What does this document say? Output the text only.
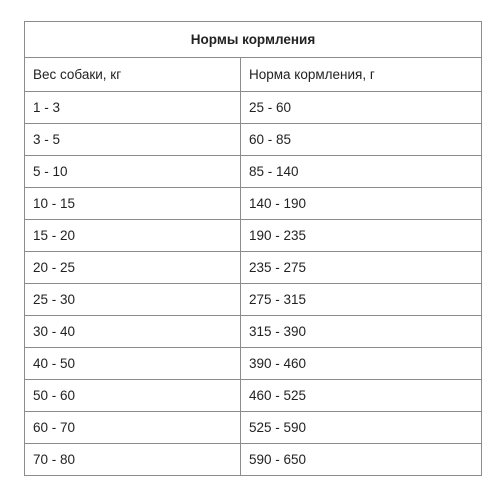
Нормы кормления	
Вес собаки, кг	Норма кормления, г
1 - 3	25 - 60
3 - 5	60 - 85
5 - 10	85 - 140
10 - 15	140 - 190
15 - 20	190 - 235
20 - 25	235 - 275
25 - 30	275 - 315
30 - 40	315 - 390
40 - 50	390 - 460
50 - 60	460 - 525
60 - 70	525 - 590
70 - 80	590 - 650
